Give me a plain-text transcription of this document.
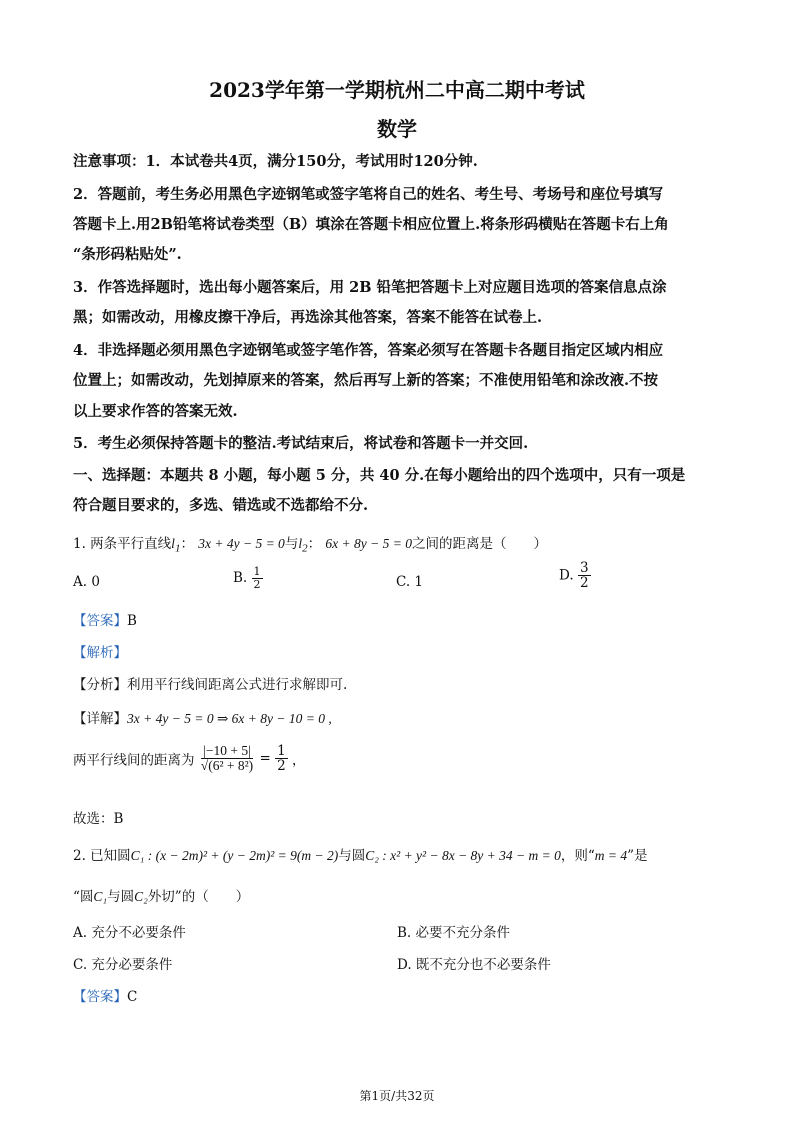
2023学年第一学期杭州二中高二期中考试
数学
注意事项：1．本试卷共4页，满分150分，考试用时120分钟.
2．答题前，考生务必用黑色字迹钢笔或签字笔将自己的姓名、考生号、考场号和座位号填写
答题卡上.用2B铅笔将试卷类型（B）填涂在答题卡相应位置上.将条形码横贴在答题卡右上角
“条形码粘贴处”.
3．作答选择题时，选出每小题答案后，用 2B 铅笔把答题卡上对应题目选项的答案信息点涂
黑；如需改动，用橡皮擦干净后，再选涂其他答案，答案不能答在试卷上.
4．非选择题必须用黑色字迹钢笔或签字笔作答，答案必须写在答题卡各题目指定区域内相应
位置上；如需改动，先划掉原来的答案，然后再写上新的答案；不准使用铅笔和涂改液.不按
以上要求作答的答案无效.
5．考生必须保持答题卡的整洁.考试结束后，将试卷和答题卡一并交回.
一、选择题：本题共 8 小题，每小题 5 分，共 40 分.在每小题给出的四个选项中，只有一项是
符合题目要求的，多选、错选或不选都给不分.
1. 两条平行直线$l_1$： 3x + 4y − 5 = 0与$l_2$： 6x + 8y − 5 = 0之间的距离是（　　）
A. 0	B. $\frac{1}{2}$	C. 1	D. $\frac{3}{2}$
【答案】B
【解析】
【分析】利用平行线间距离公式进行求解即可.
【详解】3x + 4y − 5 = 0 ⇒ 6x + 8y − 10 = 0 ,
两平行线间的距离为 $\frac{|-10 + 5|}{\text{√(6² + 8²)}} = \frac{1}{2}$ ，
故选：B
2. 已知圆C₁ : (x − 2m)² + (y − 2m)² = 9(m − 2)与圆C₂ : x² + y² − 8x − 8y + 34 − m = 0，则“m = 4”是
“圆C₁与圆C₂外切”的（　　）
A. 充分不必要条件	B. 必要不充分条件
C. 充分必要条件	D. 既不充分也不必要条件
【答案】C
第1页/共32页
